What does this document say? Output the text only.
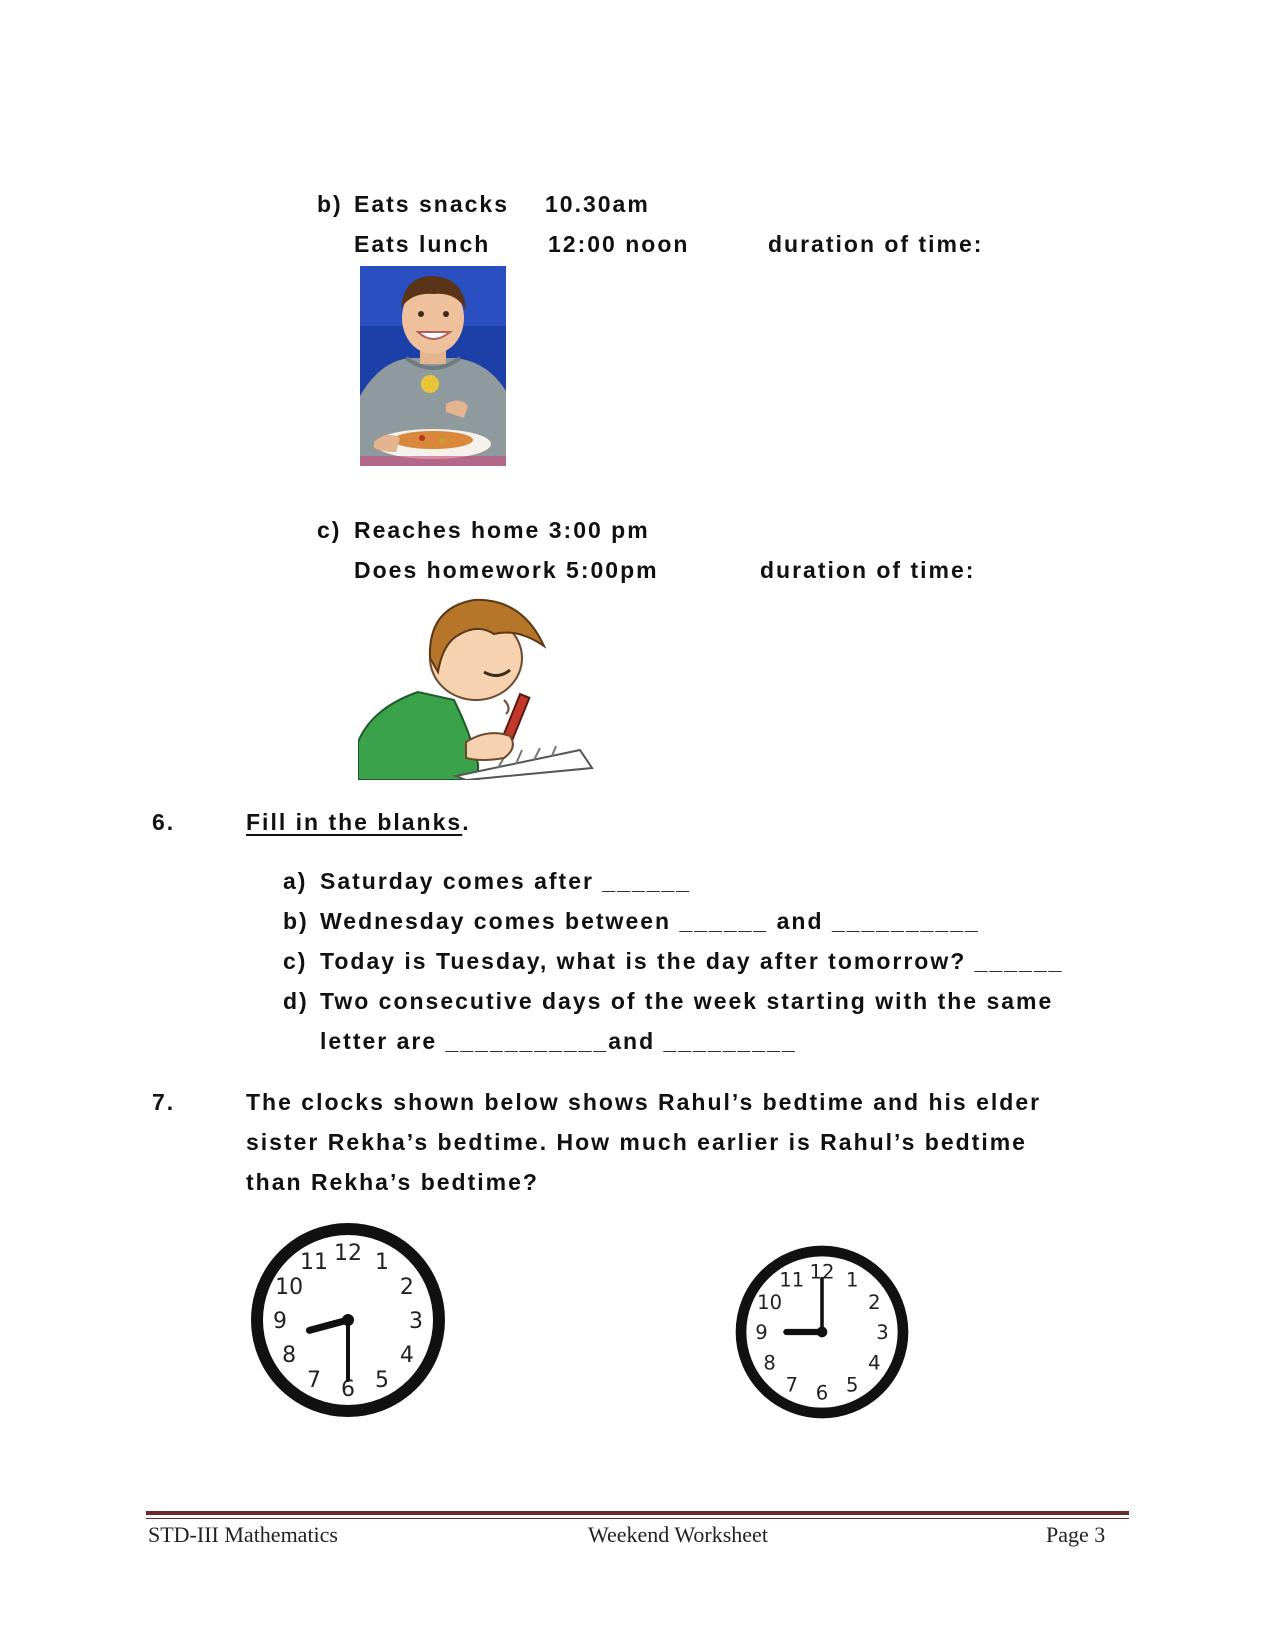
b) Eats snacks 10.30am
Eats lunch	12:00 noon	duration of time:
c) Reaches home 3:00 pm
Does homework 5:00pm	duration of time:
6.	Fill in the blanks.
a) Saturday comes after ______
b) Wednesday comes between ______ and __________
c) Today is Tuesday, what is the day after tomorrow? ______
d) Two consecutive days of the week starting with the same
letter are ___________and _________
7.	The clocks shown below shows Rahul’s bedtime and his elder
sister Rekha’s bedtime. How much earlier is Rahul’s bedtime
than Rekha’s bedtime?
12 1
2
3
4
5
6
7
8
9
10
11	12 1
2
3
4
5
6
7
8
9
10
11
STD-III Mathematics	Weekend Worksheet	Page 3
